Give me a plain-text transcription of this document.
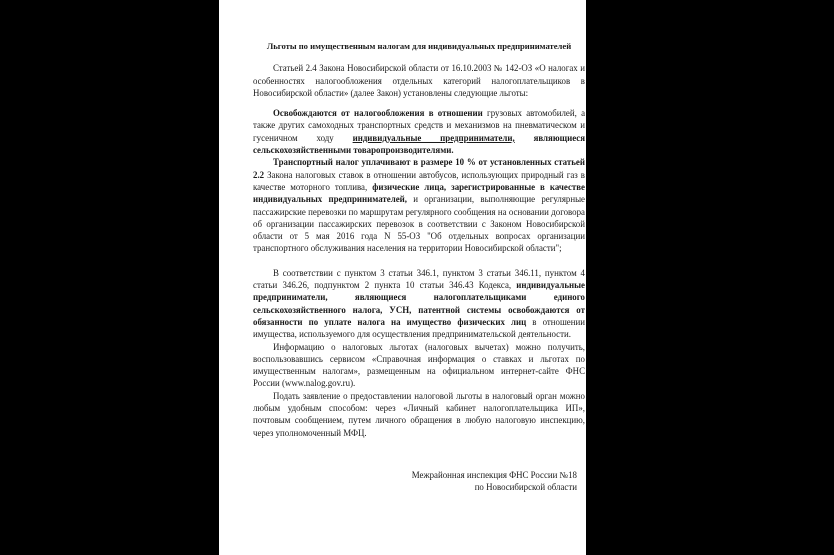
Льготы по имущественным налогам для индивидуальных предпринимателей

Статьей 2.4 Закона Новосибирской области от 16.10.2003 № 142-ОЗ «О налогах и особенностях налогообложения отдельных категорий налогоплательщиков в Новосибирской области» (далее Закон) установлены следующие льготы:

Освобождаются от налогообложения в отношении грузовых автомобилей, а также других самоходных транспортных средств и механизмов на пневматическом и гусеничном ходу индивидуальные предприниматели, являющиеся сельскохозяйственными товаропроизводителями.

Транспортный налог уплачивают в размере 10 % от установленных статьей 2.2 Закона налоговых ставок в отношении автобусов, использующих природный газ в качестве моторного топлива, физические лица, зарегистрированные в качестве индивидуальных предпринимателей, и организации, выполняющие регулярные пассажирские перевозки по маршрутам регулярного сообщения на основании договора об организации пассажирских перевозок в соответствии с Законом Новосибирской области от 5 мая 2016 года N 55-ОЗ "Об отдельных вопросах организации транспортного обслуживания населения на территории Новосибирской области";

В соответствии с пунктом 3 статьи 346.1, пунктом 3 статьи 346.11, пунктом 4 статьи 346.26, подпунктом 2 пункта 10 статьи 346.43 Кодекса, индивидуальные предприниматели, являющиеся налогоплательщиками единого сельскохозяйственного налога, УСН, патентной системы освобождаются от обязанности по уплате налога на имущество физических лиц в отношении имущества, используемого для осуществления предпринимательской деятельности.

Информацию о налоговых льготах (налоговых вычетах) можно получить, воспользовавшись сервисом «Справочная информация о ставках и льготах по имущественным налогам», размещенным на официальном интернет-сайте ФНС России (www.nalog.gov.ru).

Подать заявление о предоставлении налоговой льготы в налоговый орган можно любым удобным способом: через «Личный кабинет налогоплательщика ИП», почтовым сообщением, путем личного обращения в любую налоговую инспекцию, через уполномоченный МФЦ.

Межрайонная инспекция ФНС России №18

по Новосибирской области
